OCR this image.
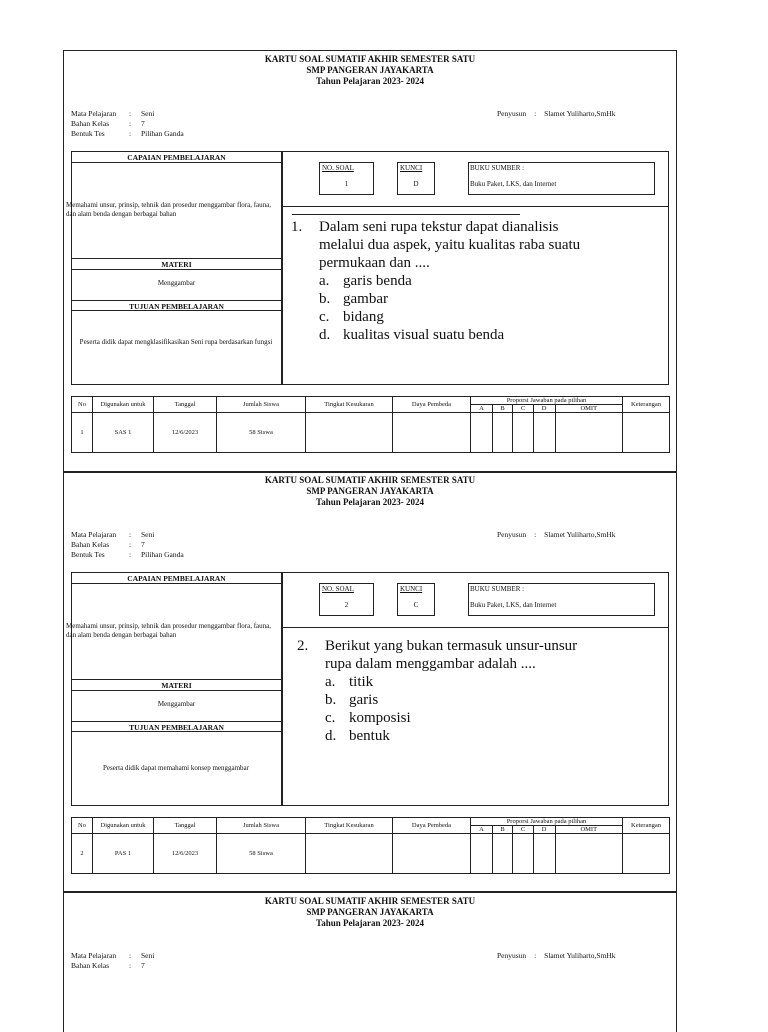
KARTU SOAL SUMATIF AKHIR SEMESTER SATU
SMP PANGERAN JAYAKARTA
Tahun Pelajaran 2023- 2024
Mata Pelajaran : Seni
Bahan Kelas	: 7
Bentuk Tes	: Pilihan Ganda
Penyusun : Slamet Yuliharto,SmHk
CAPAIAN PEMBELAJARAN
Memahami unsur, prinsip, tehnik dan prosedur menggambar flora, fauna, dan alam benda dengan berbagai bahan
MATERI
Menggambar
TUJUAN PEMBELAJARAN
Peserta didik dapat mengklasifikasikan Seni rupa berdasarkan fungsi
NO. SOAL
1
KUNCI
D
BUKU SUMBER :
Buku Paket, LKS, dan Internet
1. Dalam seni rupa tekstur dapat dianalisis
melalui dua aspek, yaitu kualitas raba suatu
permukaan dan ....
a. garis benda
b. gambar
c. bidang
d. kualitas visual suatu benda
No	Digunakan untuk	Tanggal	Jumlah Siswa	Tingkat Kesukaran	Daya Pembeda	Proporsi Jawaban pada pilihan					Keterangan
						A	B	C	D	OMIT	
1	SAS 1	12/6/2023	58 Siswa								
KARTU SOAL SUMATIF AKHIR SEMESTER SATU
SMP PANGERAN JAYAKARTA
Tahun Pelajaran 2023- 2024
Mata Pelajaran : Seni
Bahan Kelas	: 7
Bentuk Tes	: Pilihan Ganda
Penyusun : Slamet Yuliharto,SmHk
CAPAIAN PEMBELAJARAN
Memahami unsur, prinsip, tehnik dan prosedur menggambar flora, fauna, dan alam benda dengan berbagai bahan
MATERI
Menggambar
TUJUAN PEMBELAJARAN
Peserta didik dapat memahami konsep menggambar
NO. SOAL
2
KUNCI
C
BUKU SUMBER :
Buku Paket, LKS, dan Internet
2. Berikut yang bukan termasuk unsur-unsur
rupa dalam menggambar adalah ....
a. titik
b. garis
c. komposisi
d. bentuk
No	Digunakan untuk	Tanggal	Jumlah Siswa	Tingkat Kesukaran	Daya Pembeda	Proporsi Jawaban pada pilihan					Keterangan
						A	B	C	D	OMIT	
2	PAS 1	12/6/2023	58 Siswa								
KARTU SOAL SUMATIF AKHIR SEMESTER SATU
SMP PANGERAN JAYAKARTA
Tahun Pelajaran 2023- 2024
Mata Pelajaran : Seni
Bahan Kelas	: 7
Penyusun : Slamet Yuliharto,SmHk
